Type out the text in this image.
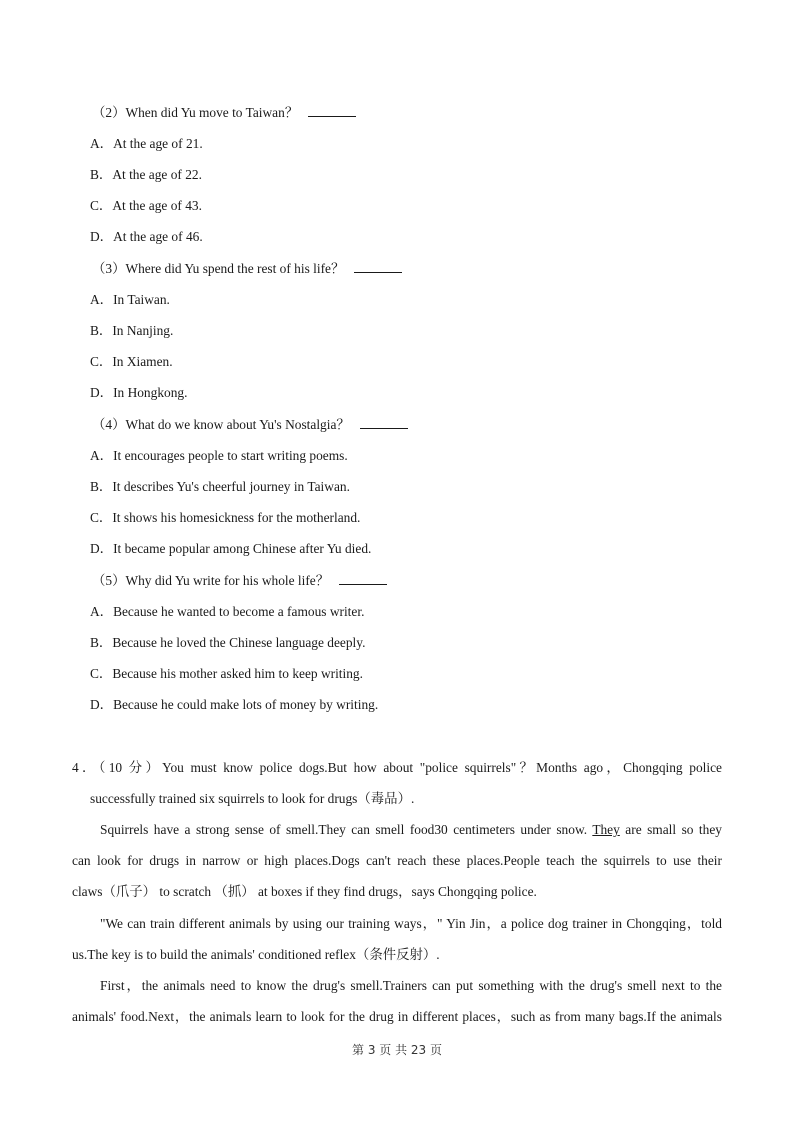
（2）When did Yu move to Taiwan？

A．At the age of 21.

B．At the age of 22.

C．At the age of 43.

D．At the age of 46.

（3）Where did Yu spend the rest of his life？

A．In Taiwan.

B．In Nanjing.

C．In Xiamen.

D．In Hongkong.

（4）What do we know about Yu's Nostalgia？

A．It encourages people to start writing poems.

B．It describes Yu's cheerful journey in Taiwan.

C．It shows his homesickness for the motherland.

D．It became popular among Chinese after Yu died.

（5）Why did Yu write for his whole life？

A．Because he wanted to become a famous writer.

B．Because he loved the Chinese language deeply.

C．Because his mother asked him to keep writing.

D．Because he could make lots of money by writing.

4．（10 分）You must know police dogs.But how about "police squirrels"？Months ago，Chongqing police

successfully trained six squirrels to look for drugs（毒品）.

Squirrels have a strong sense of smell.They can smell food30 centimeters under snow. They are small so they

can look for drugs in narrow or high places.Dogs can't reach these places.People teach the squirrels to use their

claws（爪子） to scratch （抓） at boxes if they find drugs，says Chongqing police.

"We can train different animals by using our training ways，" Yin Jin，a police dog trainer in Chongqing，told

us.The key is to build the animals' conditioned reflex（条件反射）.

First，the animals need to know the drug's smell.Trainers can put something with the drug's smell next to the

animals' food.Next，the animals learn to look for the drug in different places，such as from many bags.If the animals

第 3 页 共 23 页
